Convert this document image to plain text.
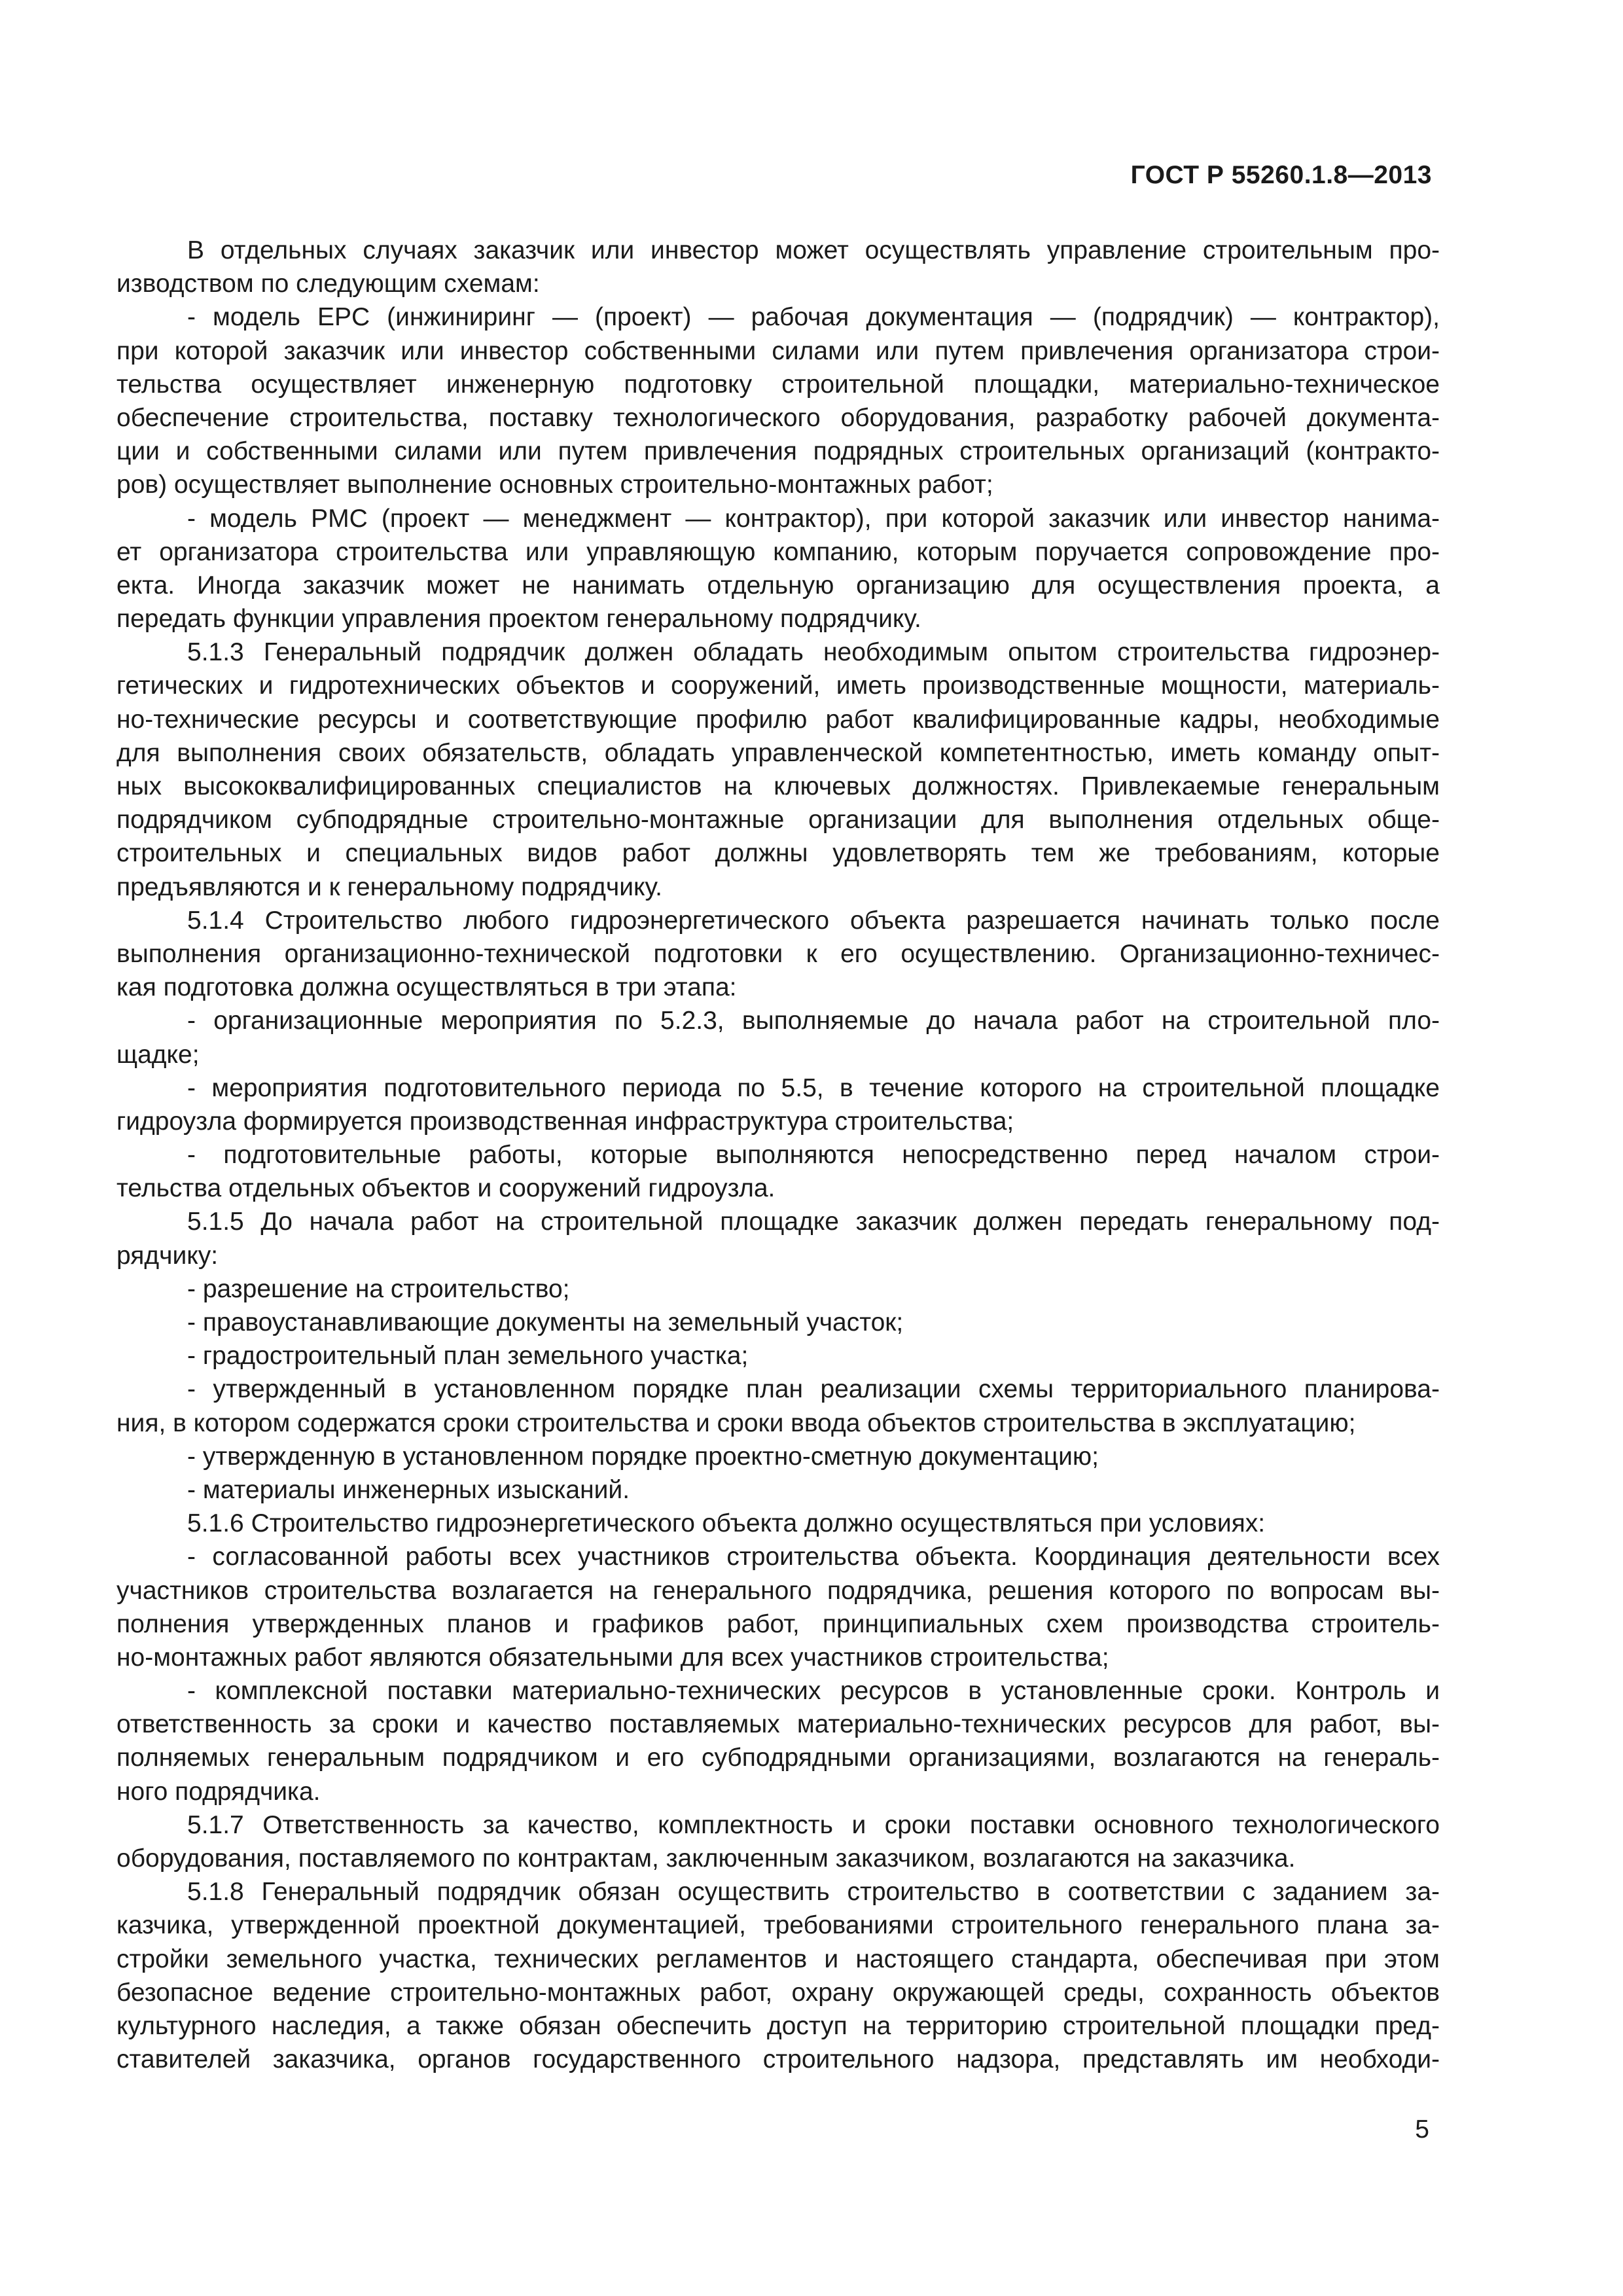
ГОСТ Р 55260.1.8—2013
В отдельных случаях заказчик или инвестор может осуществлять управление строительным про-
изводством по следующим схемам:
- модель EPC (инжиниринг — (проект) — рабочая документация — (подрядчик) — контрактор),
при которой заказчик или инвестор собственными силами или путем привлечения организатора строи-
тельства осуществляет инженерную подготовку строительной площадки, материально-техническое
обеспечение строительства, поставку технологического оборудования, разработку рабочей документа-
ции и собственными силами или путем привлечения подрядных строительных организаций (контракто-
ров) осуществляет выполнение основных строительно-монтажных работ;
- модель PMC (проект — менеджмент — контрактор), при которой заказчик или инвестор нанима-
ет организатора строительства или управляющую компанию, которым поручается сопровождение про-
екта. Иногда заказчик может не нанимать отдельную организацию для осуществления проекта, а
передать функции управления проектом генеральному подрядчику.
5.1.3 Генеральный подрядчик должен обладать необходимым опытом строительства гидроэнер-
гетических и гидротехнических объектов и сооружений, иметь производственные мощности, материаль-
но-технические ресурсы и соответствующие профилю работ квалифицированные кадры, необходимые
для выполнения своих обязательств, обладать управленческой компетентностью, иметь команду опыт-
ных высококвалифицированных специалистов на ключевых должностях. Привлекаемые генеральным
подрядчиком субподрядные строительно-монтажные организации для выполнения отдельных обще-
строительных и специальных видов работ должны удовлетворять тем же требованиям, которые
предъявляются и к генеральному подрядчику.
5.1.4 Строительство любого гидроэнергетического объекта разрешается начинать только после
выполнения организационно-технической подготовки к его осуществлению. Организационно-техничес-
кая подготовка должна осуществляться в три этапа:
- организационные мероприятия по 5.2.3, выполняемые до начала работ на строительной пло-
щадке;
- мероприятия подготовительного периода по 5.5, в течение которого на строительной площадке
гидроузла формируется производственная инфраструктура строительства;
- подготовительные работы, которые выполняются непосредственно перед началом строи-
тельства отдельных объектов и сооружений гидроузла.
5.1.5 До начала работ на строительной площадке заказчик должен передать генеральному под-
рядчику:
- разрешение на строительство;
- правоустанавливающие документы на земельный участок;
- градостроительный план земельного участка;
- утвержденный в установленном порядке план реализации схемы территориального планирова-
ния, в котором содержатся сроки строительства и сроки ввода объектов строительства в эксплуатацию;
- утвержденную в установленном порядке проектно-сметную документацию;
- материалы инженерных изысканий.
5.1.6 Строительство гидроэнергетического объекта должно осуществляться при условиях:
- согласованной работы всех участников строительства объекта. Координация деятельности всех
участников строительства возлагается на генерального подрядчика, решения которого по вопросам вы-
полнения утвержденных планов и графиков работ, принципиальных схем производства строитель-
но-монтажных работ являются обязательными для всех участников строительства;
- комплексной поставки материально-технических ресурсов в установленные сроки. Контроль и
ответственность за сроки и качество поставляемых материально-технических ресурсов для работ, вы-
полняемых генеральным подрядчиком и его субподрядными организациями, возлагаются на генераль-
ного подрядчика.
5.1.7 Ответственность за качество, комплектность и сроки поставки основного технологического
оборудования, поставляемого по контрактам, заключенным заказчиком, возлагаются на заказчика.
5.1.8 Генеральный подрядчик обязан осуществить строительство в соответствии с заданием за-
казчика, утвержденной проектной документацией, требованиями строительного генерального плана за-
стройки земельного участка, технических регламентов и настоящего стандарта, обеспечивая при этом
безопасное ведение строительно-монтажных работ, охрану окружающей среды, сохранность объектов
культурного наследия, а также обязан обеспечить доступ на территорию строительной площадки пред-
ставителей заказчика, органов государственного строительного надзора, представлять им необходи-
5
